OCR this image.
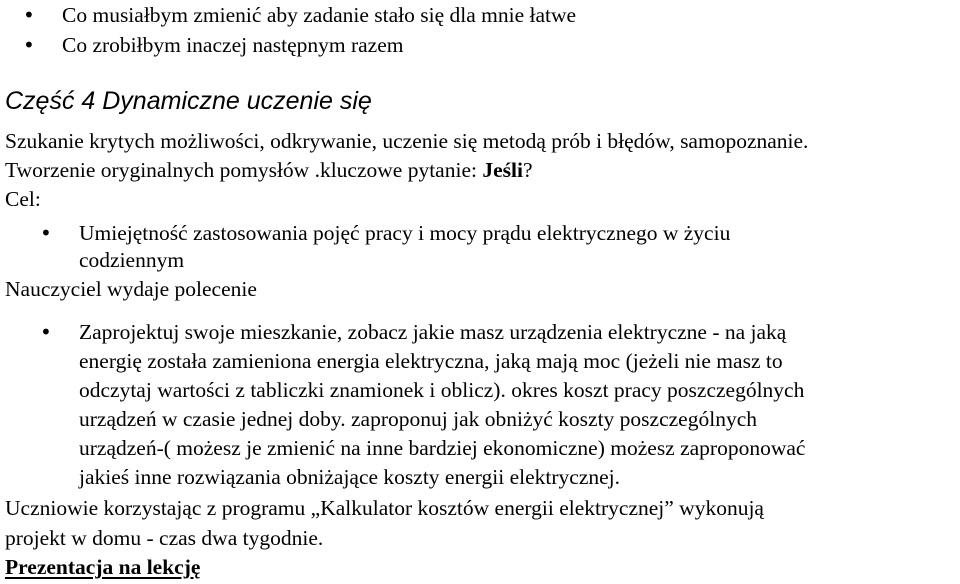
• Co musiałbym zmienić aby zadanie stało się dla mnie łatwe
• Co zrobiłbym inaczej następnym razem
Część 4 Dynamiczne uczenie się
Szukanie krytych możliwości, odkrywanie, uczenie się metodą prób i błędów, samopoznanie.
Tworzenie oryginalnych pomysłów .kluczowe pytanie: Jeśli?
Cel:
• Umiejętność zastosowania pojęć pracy i mocy prądu elektrycznego w życiu
codziennym
Nauczyciel wydaje polecenie
• Zaprojektuj swoje mieszkanie, zobacz jakie masz urządzenia elektryczne - na jaką
energię została zamieniona energia elektryczna, jaką mają moc (jeżeli nie masz to
odczytaj wartości z tabliczki znamionek i oblicz). okres koszt pracy poszczególnych
urządzeń w czasie jednej doby. zaproponuj jak obniżyć koszty poszczególnych
urządzeń-( możesz je zmienić na inne bardziej ekonomiczne) możesz zaproponować
jakieś inne rozwiązania obniżające koszty energii elektrycznej.
Uczniowie korzystając z programu „Kalkulator kosztów energii elektrycznej” wykonują
projekt w domu - czas dwa tygodnie.
Prezentacja na lekcję
